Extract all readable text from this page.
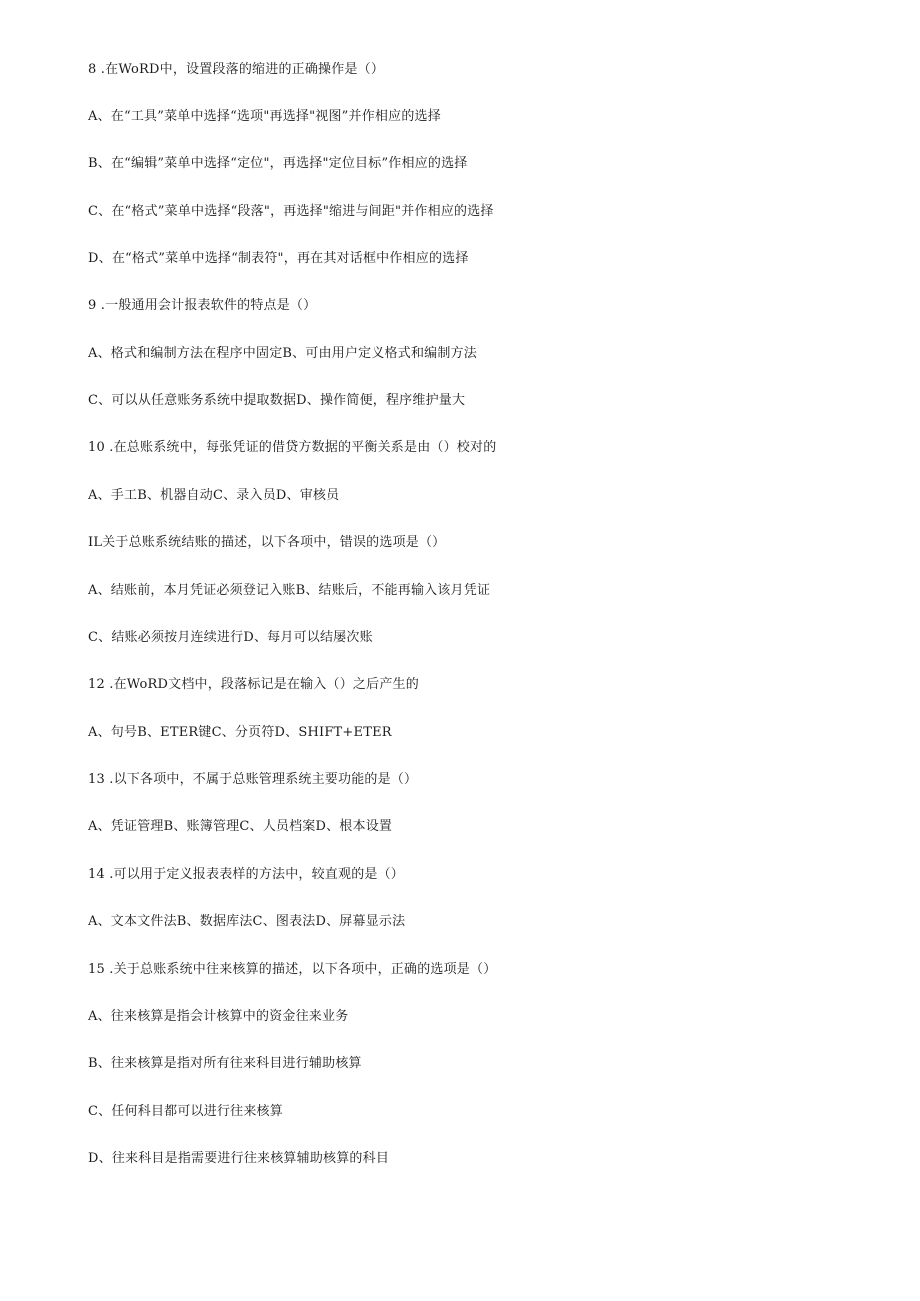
8 .在WoRD中，设置段落的缩进的正确操作是（）
A、在“工具”菜单中选择“选项"再选择"视图”并作相应的选择
B、在“编辑”菜单中选择“定位"，再选择"定位目标”作相应的选择
C、在“格式”菜单中选择“段落"，再选择"缩进与间距"并作相应的选择
D、在“格式”菜单中选择“制表符"，再在其对话框中作相应的选择
9 .一般通用会计报表软件的特点是（）
A、格式和编制方法在程序中固定B、可由用户定义格式和编制方法
C、可以从任意账务系统中提取数据D、操作简便，程序维护量大
10 .在总账系统中，每张凭证的借贷方数据的平衡关系是由（）校对的
A、手工B、机器自动C、录入员D、审核员
IL关于总账系统结账的描述，以下各项中，错误的选项是（）
A、结账前，本月凭证必须登记入账B、结账后，不能再输入该月凭证
C、结账必须按月连续进行D、每月可以结屡次账
12 .在WoRD文档中，段落标记是在输入（）之后产生的
A、句号B、ETER键C、分页符D、SHIFT+ETER
13 .以下各项中，不属于总账管理系统主要功能的是（）
A、凭证管理B、账簿管理C、人员档案D、根本设置
14 .可以用于定义报表表样的方法中，较直观的是（）
A、文本文件法B、数据库法C、图表法D、屏幕显示法
15 .关于总账系统中往来核算的描述，以下各项中，正确的选项是（）
A、往来核算是指会计核算中的资金往来业务
B、往来核算是指对所有往来科目进行辅助核算
C、任何科目都可以进行往来核算
D、往来科目是指需要进行往来核算辅助核算的科目
